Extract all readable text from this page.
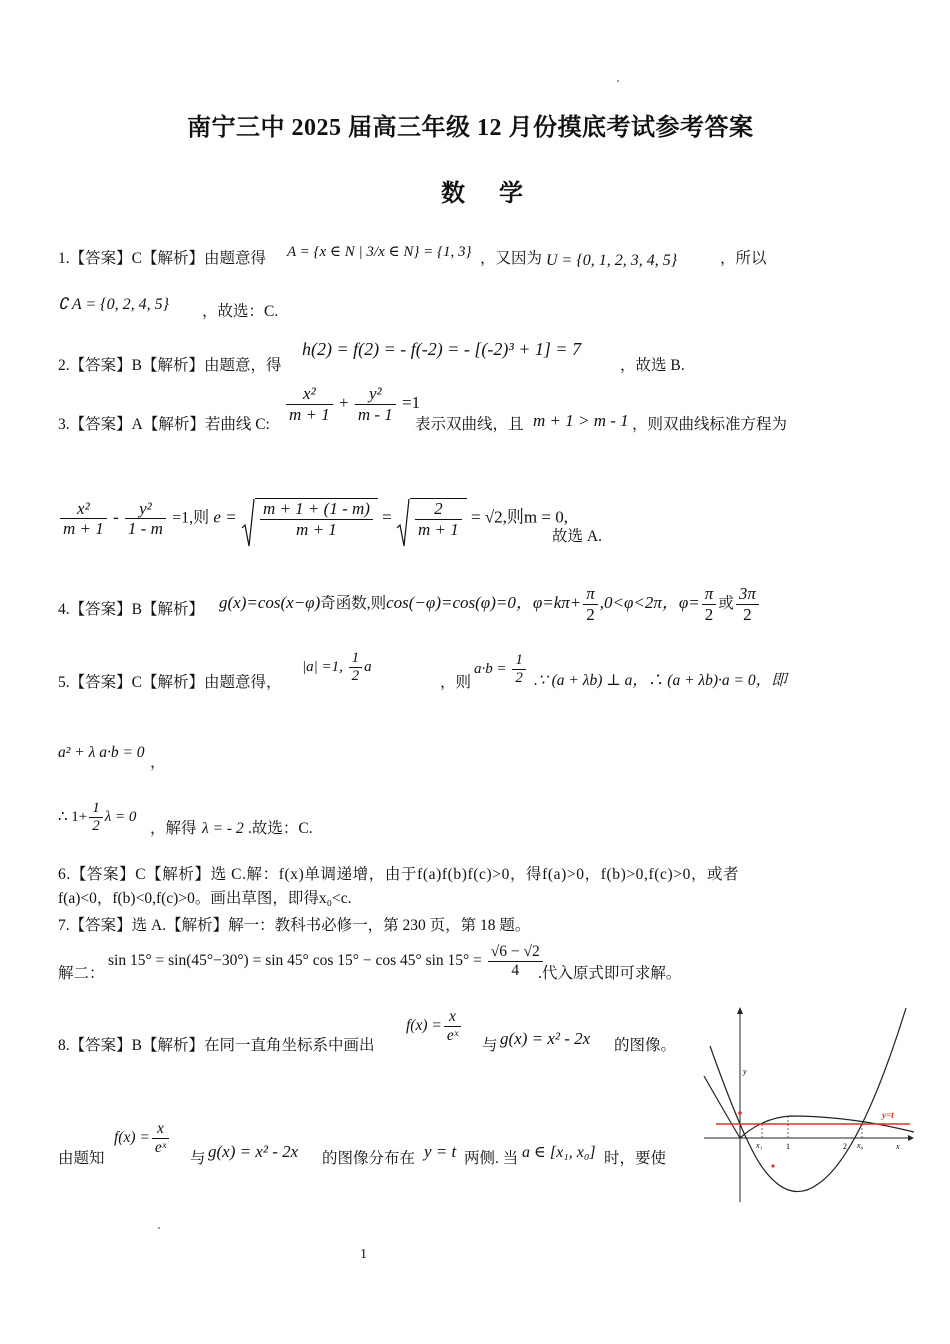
南宁三中 2025 届高三年级 12 月份摸底考试参考答案
数 学
1.【答案】C【解析】由题意得 A = {x ∈ N | 3/x ∈ N} = {1, 3} ，又因为 U = {0, 1, 2, 3, 4, 5}	，所以
∁ A = {0, 2, 4, 5} ，故选：C.
2.【答案】B【解析】由题意，得
h(2) = f(2) = - f(-2) = - [(-2)³ + 1] = 7
，故选 B.
3.【答案】A【解析】若曲线 C:
$\frac{\text{x²}}{m + 1} + \frac{\text{y²}}{m - 1} =1$
表示双曲线，且 m + 1 > m - 1 ，则双曲线标准方程为
$\frac{\text{x²}}{m + 1} - \frac{\text{y²}}{1 - m} =1$,则 $e = \frac{m + 1 + (1 - m)}{m + 1} = \frac{2}{m + 1} = √2$,则m = 0,
故选 A.
4.【答案】B【解析】 g(x)=cos(x−φ)奇函数,则cos(−φ)=cos(φ)=0，$\varphi=k\pi+ \frac{\pi}{2} ,0<\varphi<2\pi$，$\varphi= \frac{\pi}{2}$ 或 $\frac{3\pi}{2}$
5.【答案】C【解析】由题意得，
|a| =1, $\frac{1}{2}$ a
，则
$a\cdot b = \frac{1}{2}$ .∵ (a + λb) ⊥ a，∴ (a + λb)·a = 0，即
a² + λ a·b = 0
，
∴ $1+ \frac{1}{2}$ λ = 0
，解得 λ = - 2 .故选：C.
6.【答案】C【解析】选 C.解：f(x)单调递增，由于f(a)f(b)f(c)>0，得f(a)>0，f(b)>0,f(c)>0，或者
f(a)<0，f(b)<0,f(c)>0。画出草图，即得x₀<c.
7.【答案】选 A.【解析】解一：教科书必修一，第 230 页，第 18 题。
解二：
sin 15° = sin(45°−30°) = sin 45° cos 15° − cos 45° $\sin 15^\circ = \frac{√6 - √2}{4}$
.代入原式即可求解。
8.【答案】B【解析】在同一直角坐标系中画出
$f(x) = \frac{x}{\text{eˣ}}$
与 g(x) = x² - 2x 的图像。
由题知
$f(x) = \frac{x}{\text{eˣ}}$
与 g(x) = x² - 2x 的图像分布在 y = t 两侧. 当 a ∈ [x₁, x₀] 时，要使
y
x
y=t
x₁	1	2 x₀
1
